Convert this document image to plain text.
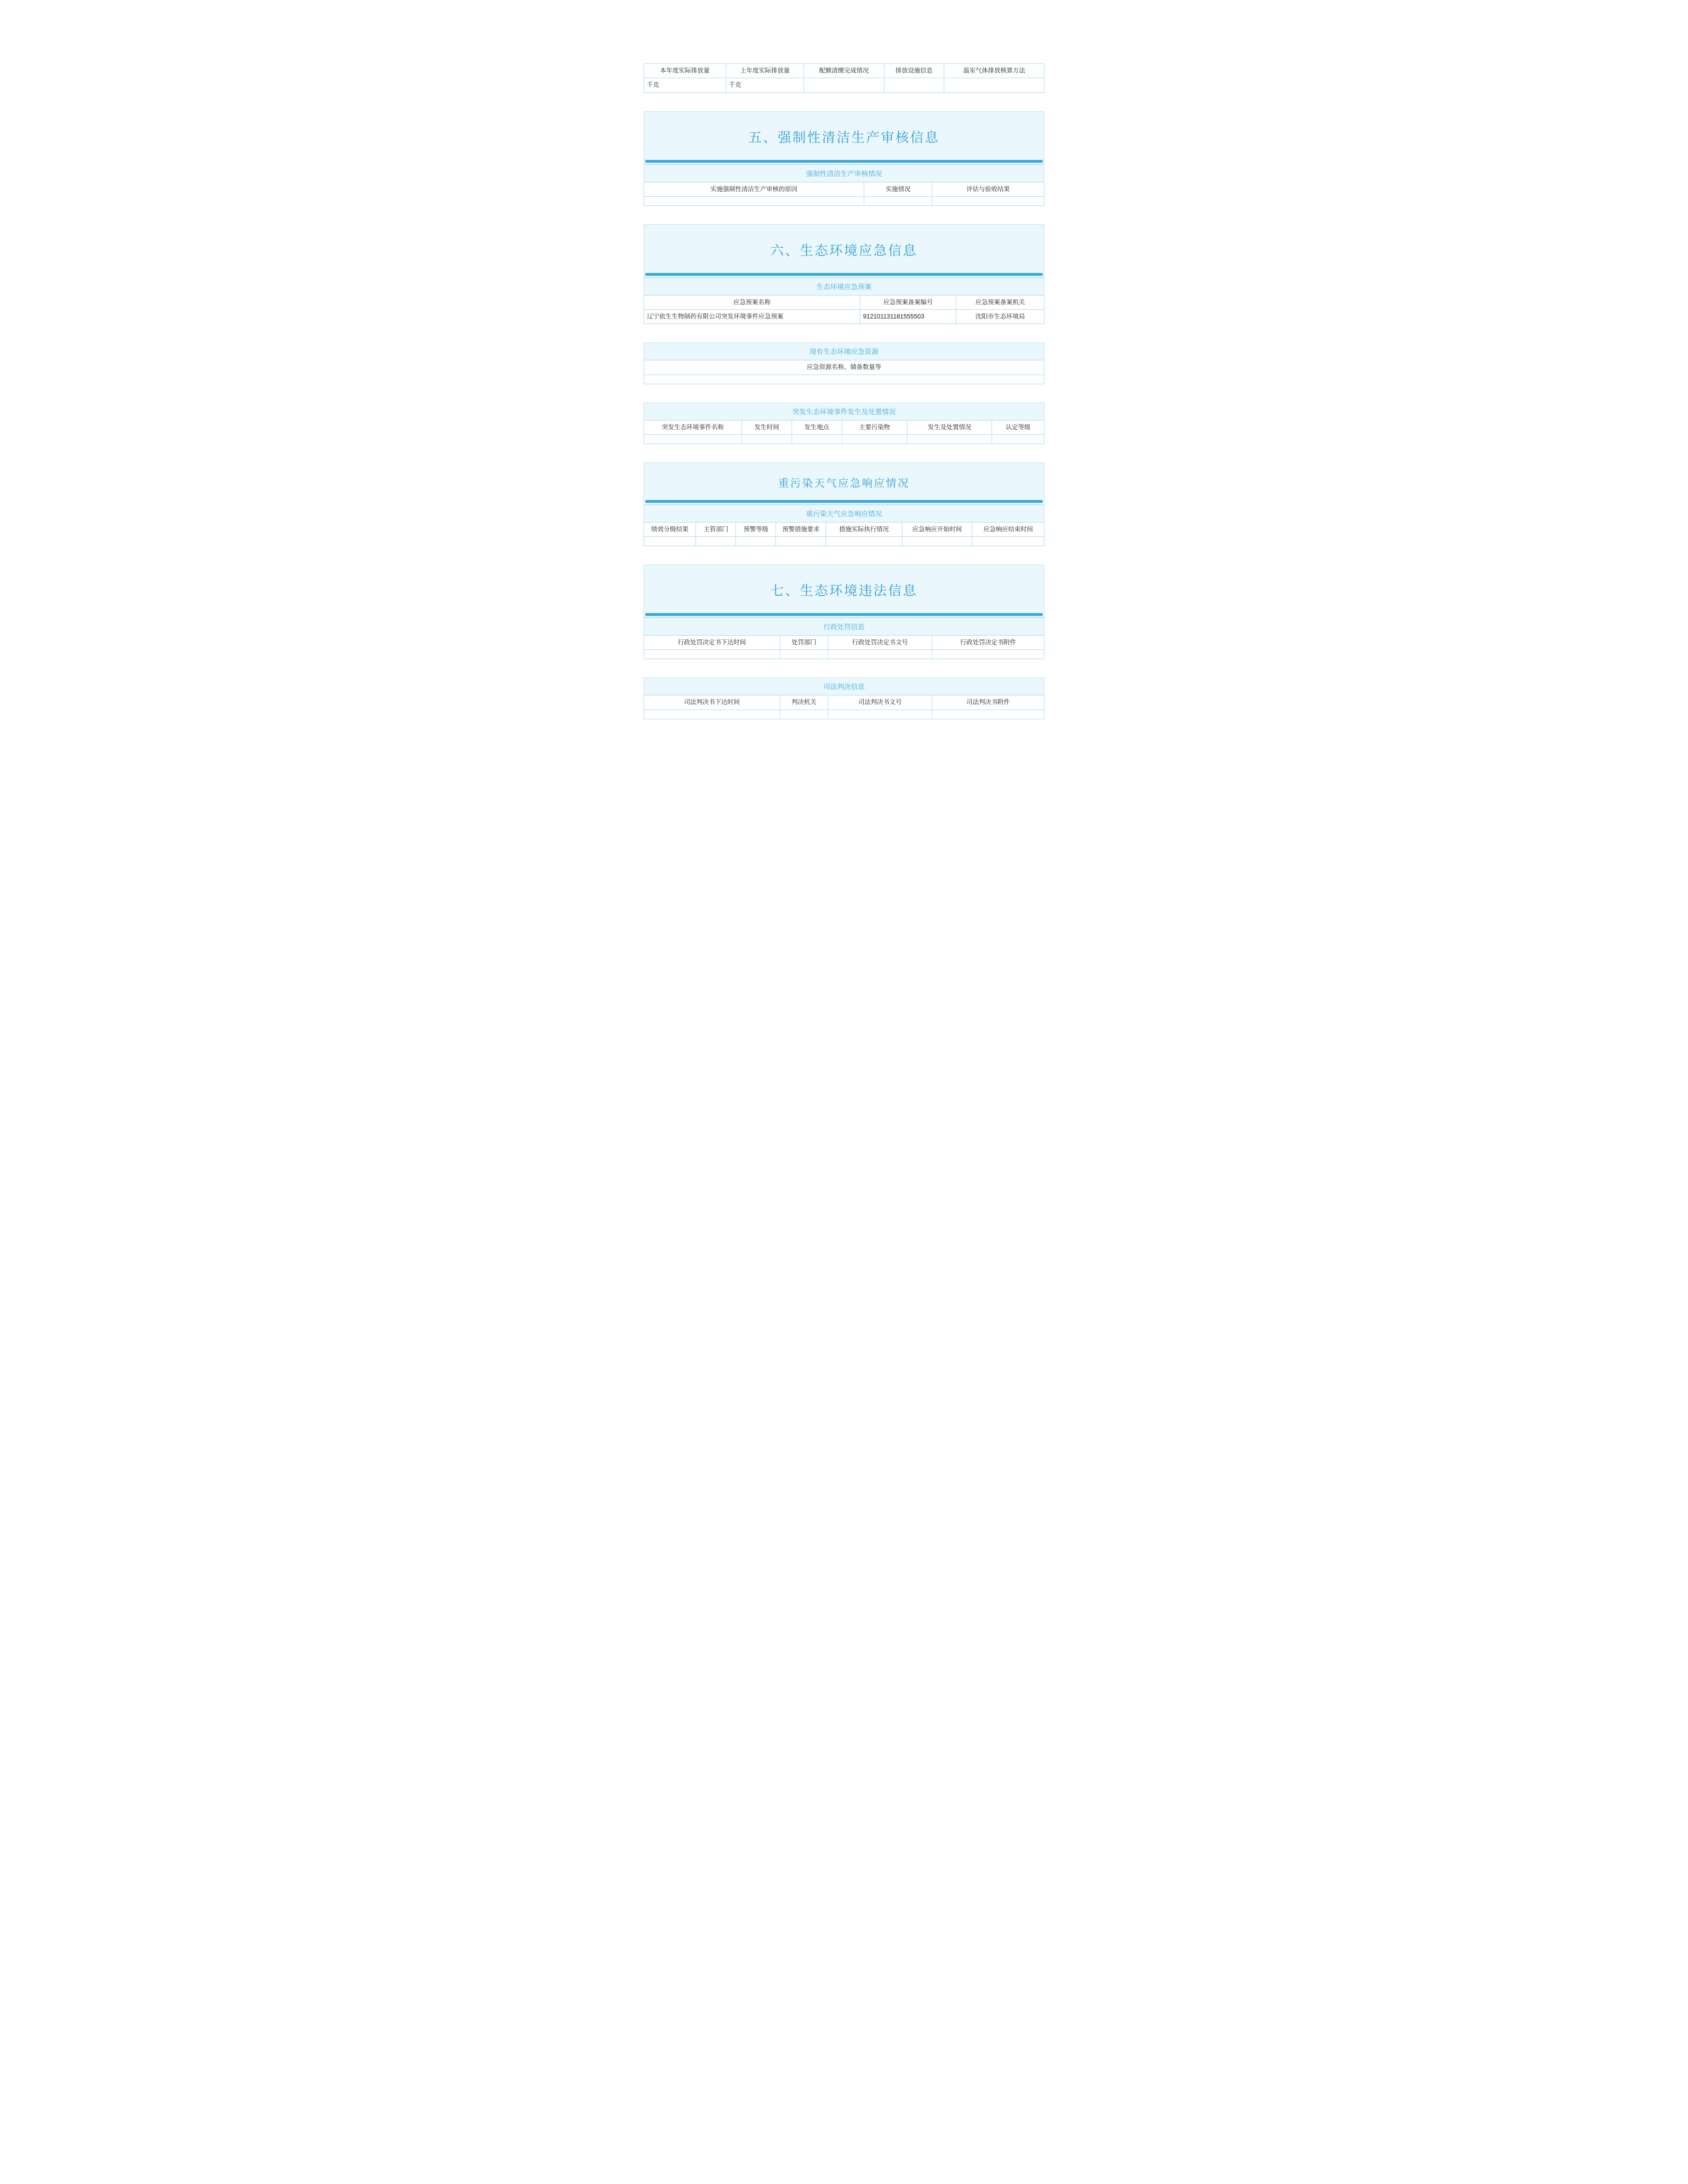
本年度实际排放量	上年度实际排放量	配额清缴完成情况	排放设施信息	温室气体排放核算方法
千克	千克			
五、强制性清洁生产审核信息
强制性清洁生产审核情况
实施强制性清洁生产审核的原因	实施情况	评估与验收结果

六、生态环境应急信息
生态环境应急预案
应急预案名称	应急预案备案编号	应急预案备案机关
辽宁依生生物制药有限公司突发环境事件应急预案	912101131181555503	沈阳市生态环境局
现有生态环境应急资源
应急资源名称、储备数量等

突发生态环境事件发生及处置情况
突发生态环境事件名称	发生时间	发生地点	主要污染物	发生及处置情况	认定等级

重污染天气应急响应情况
重污染天气应急响应情况
绩效分级结果	主管部门	预警等级	预警措施要求	措施实际执行情况	应急响应开始时间	应急响应结束时间

七、生态环境违法信息
行政处罚信息
行政处罚决定书下达时间	处罚部门	行政处罚决定书文号	行政处罚决定书附件

司法判决信息
司法判决书下达时间	判决机关	司法判决书文号	司法判决书附件
